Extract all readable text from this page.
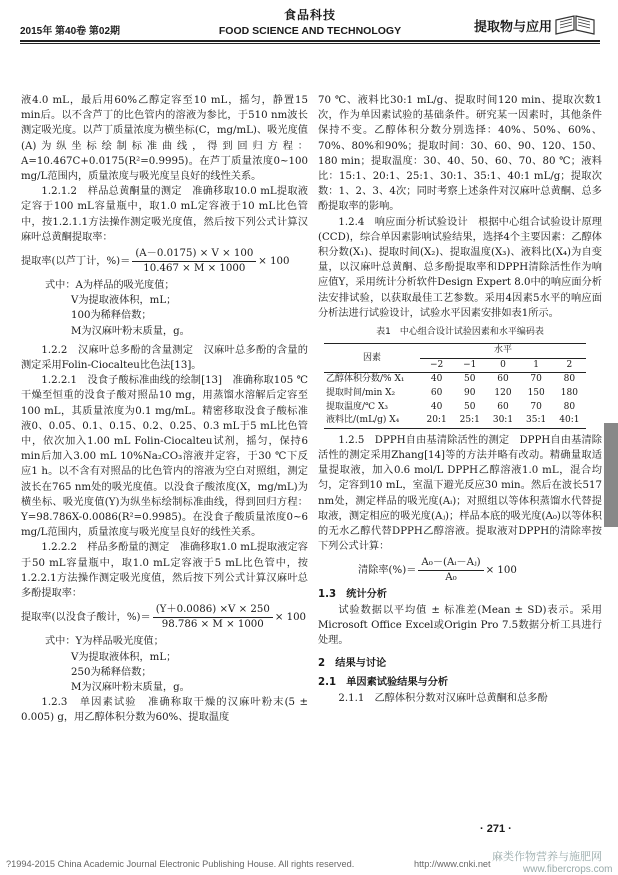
食品科技
FOOD SCIENCE AND TECHNOLOGY
2015年 第40卷 第02期	提取物与应用

液4.0 mL，最后用60%乙醇定容至10 mL，摇匀，静置15 min后。以不含芦丁的比色管内的溶液为参比，于510 nm波长测定吸光度。以芦丁质量浓度为横坐标(C，mg/mL)、吸光度值(A)为纵坐标绘制标准曲线，得到回归方程：A=10.467C+0.0175(R²=0.9995)。在芦丁质量浓度0~100 mg/L范围内，质量浓度与吸光度呈良好的线性关系。

1.2.1.2　样品总黄酮量的测定　准确移取10.0 mL提取液定容于100 mL容量瓶中，取1.0 mL定容液于10 mL比色管中，按1.2.1.1方法操作测定吸光度值，然后按下列公式计算汉麻叶总黄酮提取率：

提取率(以芦丁计，%)＝ $\frac{(A-0.0175) \times V \times 100}{10.467 \times M \times 1000} \times 100$
式中：A为样品的吸光度值；
V为提取液体积，mL；
100为稀释倍数；
M为汉麻叶粉末质量，g。

1.2.2　汉麻叶总多酚的含量测定　汉麻叶总多酚的含量的测定采用Folin-Ciocalteu比色法[13]。

1.2.2.1　没食子酸标准曲线的绘制[13]　准确称取105 ℃干燥至恒重的没食子酸对照品10 mg，用蒸馏水溶解后定容至100 mL，其质量浓度为0.1 mg/mL。精密移取没食子酸标准液0、0.05、0.1、0.15、0.2、0.25、0.3 mL于5 mL比色管中，依次加入1.00 mL Folin-Ciocalteu试剂，摇匀，保持6 min后加入3.00 mL 10%Na₂CO₃溶液并定容，于30 ℃下反应1 h。以不含有对照品的比色管内的溶液为空白对照组，测定波长在765 nm处的吸光度值。以没食子酸浓度(X，mg/mL)为横坐标、吸光度值(Y)为纵坐标绘制标准曲线，得到回归方程：Y=98.786X-0.0086(R²=0.9985)。在没食子酸质量浓度0~6 mg/L范围内，质量浓度与吸光度呈良好的线性关系。

1.2.2.2　样品多酚量的测定　准确移取1.0 mL提取液定容于50 mL容量瓶中，取1.0 mL定容液于5 mL比色管中，按1.2.2.1方法操作测定吸光度值，然后按下列公式计算汉麻叶总多酚提取率：

提取率(以没食子酸计，%)＝ $\frac{(Y+0.0086) \times V \times 250}{98.786 \times M \times 1000} \times 100$
式中：Y为样品吸光度值；
V为提取液体积，mL；
250为稀释倍数；
M为汉麻叶粉末质量，g。

1.2.3　单因素试验　准确称取干燥的汉麻叶粉末(5 ± 0.005) g，用乙醇体积分数为60%、提取温度

70 ℃、液料比30:1 mL/g、提取时间120 min、提取次数1次，作为单因素试验的基础条件。研究某一因素时，其他条件保持不变。乙醇体积分数分别选择：40%、50%、60%、70%、80%和90%；提取时间：30、60、90、120、150、180 min；提取温度：30、40、50、60、70、80 ℃；液料比：15:1、20:1、25:1、30:1、35:1、40:1 mL/g；提取次数：1、2、3、4次；同时考察上述条件对汉麻叶总黄酮、总多酚提取率的影响。

1.2.4　响应面分析试验设计　根据中心组合试验设计原理(CCD)，综合单因素影响试验结果，选择4个主要因素：乙醇体积分数(X₁)、提取时间(X₂)、提取温度(X₃)、液料比(X₄)为自变量，以汉麻叶总黄酮、总多酚提取率和DPPH清除活性作为响应值Y，采用统计分析软件Design Expert 8.0中的响应面分析法安排试验，以获取最佳工艺参数。采用4因素5水平的响应面分析法进行试验设计，试验水平因素安排如表1所示。

表1　中心组合设计试验因素和水平编码表
因素	水平				
	−2	−1	0	1	2
乙醇体积分数/% X₁	40	50	60	70	80
提取时间/min X₂	60	90	120	150	180
提取温度/℃ X₃	40	50	60	70	80
液料比/(mL/g) X₄	20:1	25:1	30:1	35:1	40:1

1.2.5　DPPH自由基清除活性的测定　DPPH自由基清除活性的测定采用Zhang[14]等的方法并略有改动。精确量取适量提取液，加入0.6 mol/L DPPH乙醇溶液1.0 mL，混合均匀，定容到10 mL，室温下避光反应30 min。然后在波长517 nm处，测定样品的吸光度(Aᵢ)；对照组以等体积蒸馏水代替提取液，测定相应的吸光度(Aⱼ)；样品本底的吸光度(A₀)以等体积的无水乙醇代替DPPH乙醇溶液。提取液对DPPH的清除率按下列公式计算：

清除率(%)＝ $\frac{\text{A₀－(Aᵢ－Aⱼ)}}{\text{A₀}} \times 100$
1.3　统计分析

试验数据以平均值 ± 标准差(Mean ± SD)表示。采用Microsoft Office Excel或Origin Pro 7.5数据分析工具进行处理。

2　结果与讨论
2.1　单因素试验结果与分析

2.1.1　乙醇体积分数对汉麻叶总黄酮和总多酚

· 271 ·
?1994-2015 China Academic Journal Electronic Publishing House. All rights reserved.	http://www.cnki.net
麻类作物营养与施肥网
www.fibercrops.com
